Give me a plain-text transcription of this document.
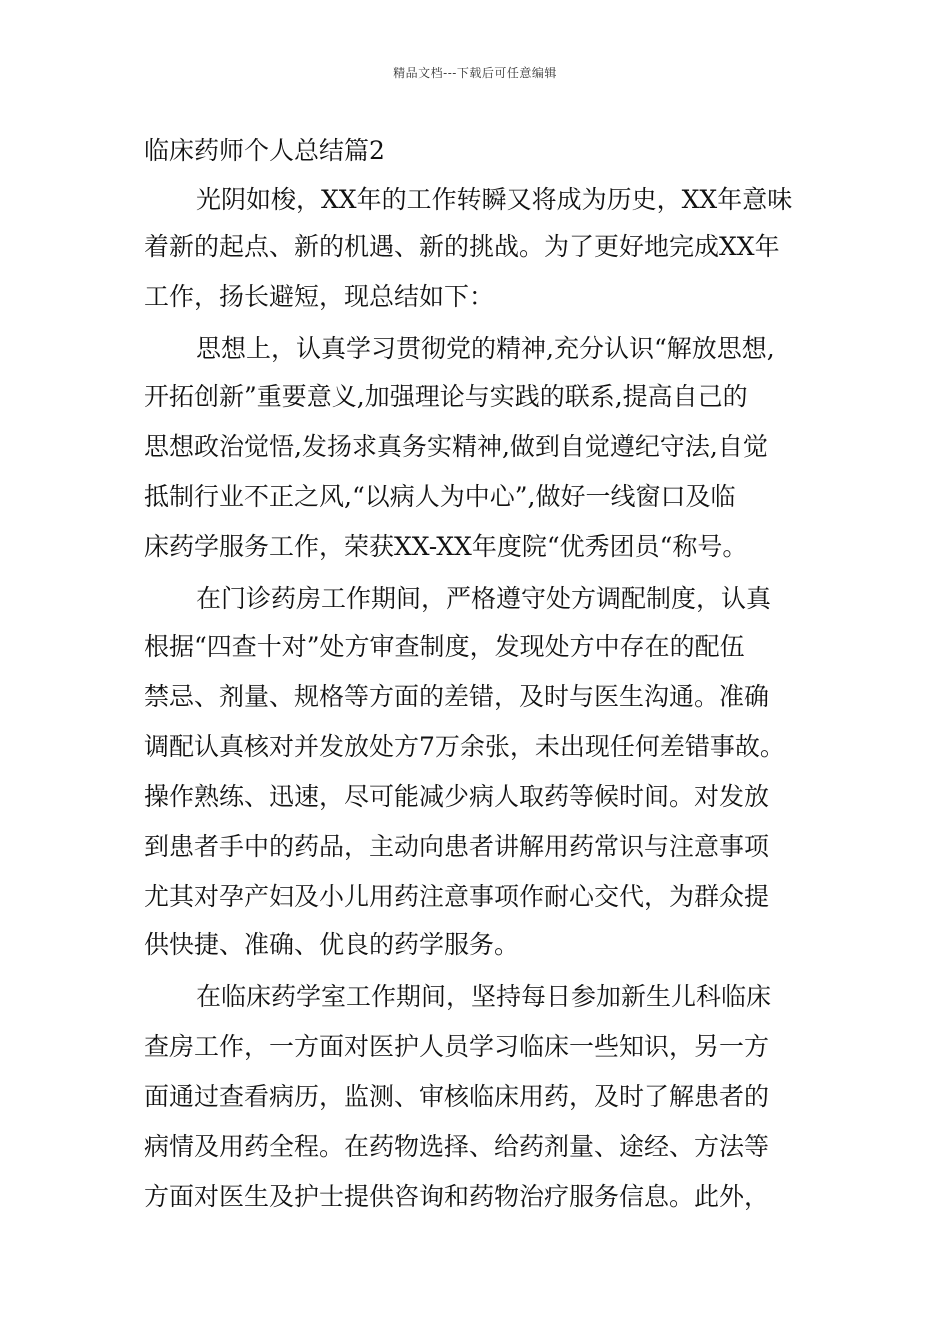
精品文档---下载后可任意编辑
临床药师个人总结篇2
光阴如梭，XX年的工作转瞬又将成为历史，XX年意味
着新的起点、新的机遇、新的挑战。为了更好地完成XX年
工作，扬长避短，现总结如下：
思想上，认真学习贯彻党的精神,充分认识“解放思想,
开拓创新”重要意义,加强理论与实践的联系,提高自己的
思想政治觉悟,发扬求真务实精神,做到自觉遵纪守法,自觉
抵制行业不正之风,“以病人为中心”,做好一线窗口及临
床药学服务工作，荣获XX-XX年度院“优秀团员“称号。
在门诊药房工作期间，严格遵守处方调配制度，认真
根据“四查十对”处方审查制度，发现处方中存在的配伍
禁忌、剂量、规格等方面的差错，及时与医生沟通。准确
调配认真核对并发放处方7万余张，未出现任何差错事故。
操作熟练、迅速，尽可能减少病人取药等候时间。对发放
到患者手中的药品，主动向患者讲解用药常识与注意事项
尤其对孕产妇及小儿用药注意事项作耐心交代，为群众提
供快捷、准确、优良的药学服务。
在临床药学室工作期间，坚持每日参加新生儿科临床
查房工作，一方面对医护人员学习临床一些知识，另一方
面通过查看病历，监测、审核临床用药，及时了解患者的
病情及用药全程。在药物选择、给药剂量、途经、方法等
方面对医生及护士提供咨询和药物治疗服务信息。此外，
